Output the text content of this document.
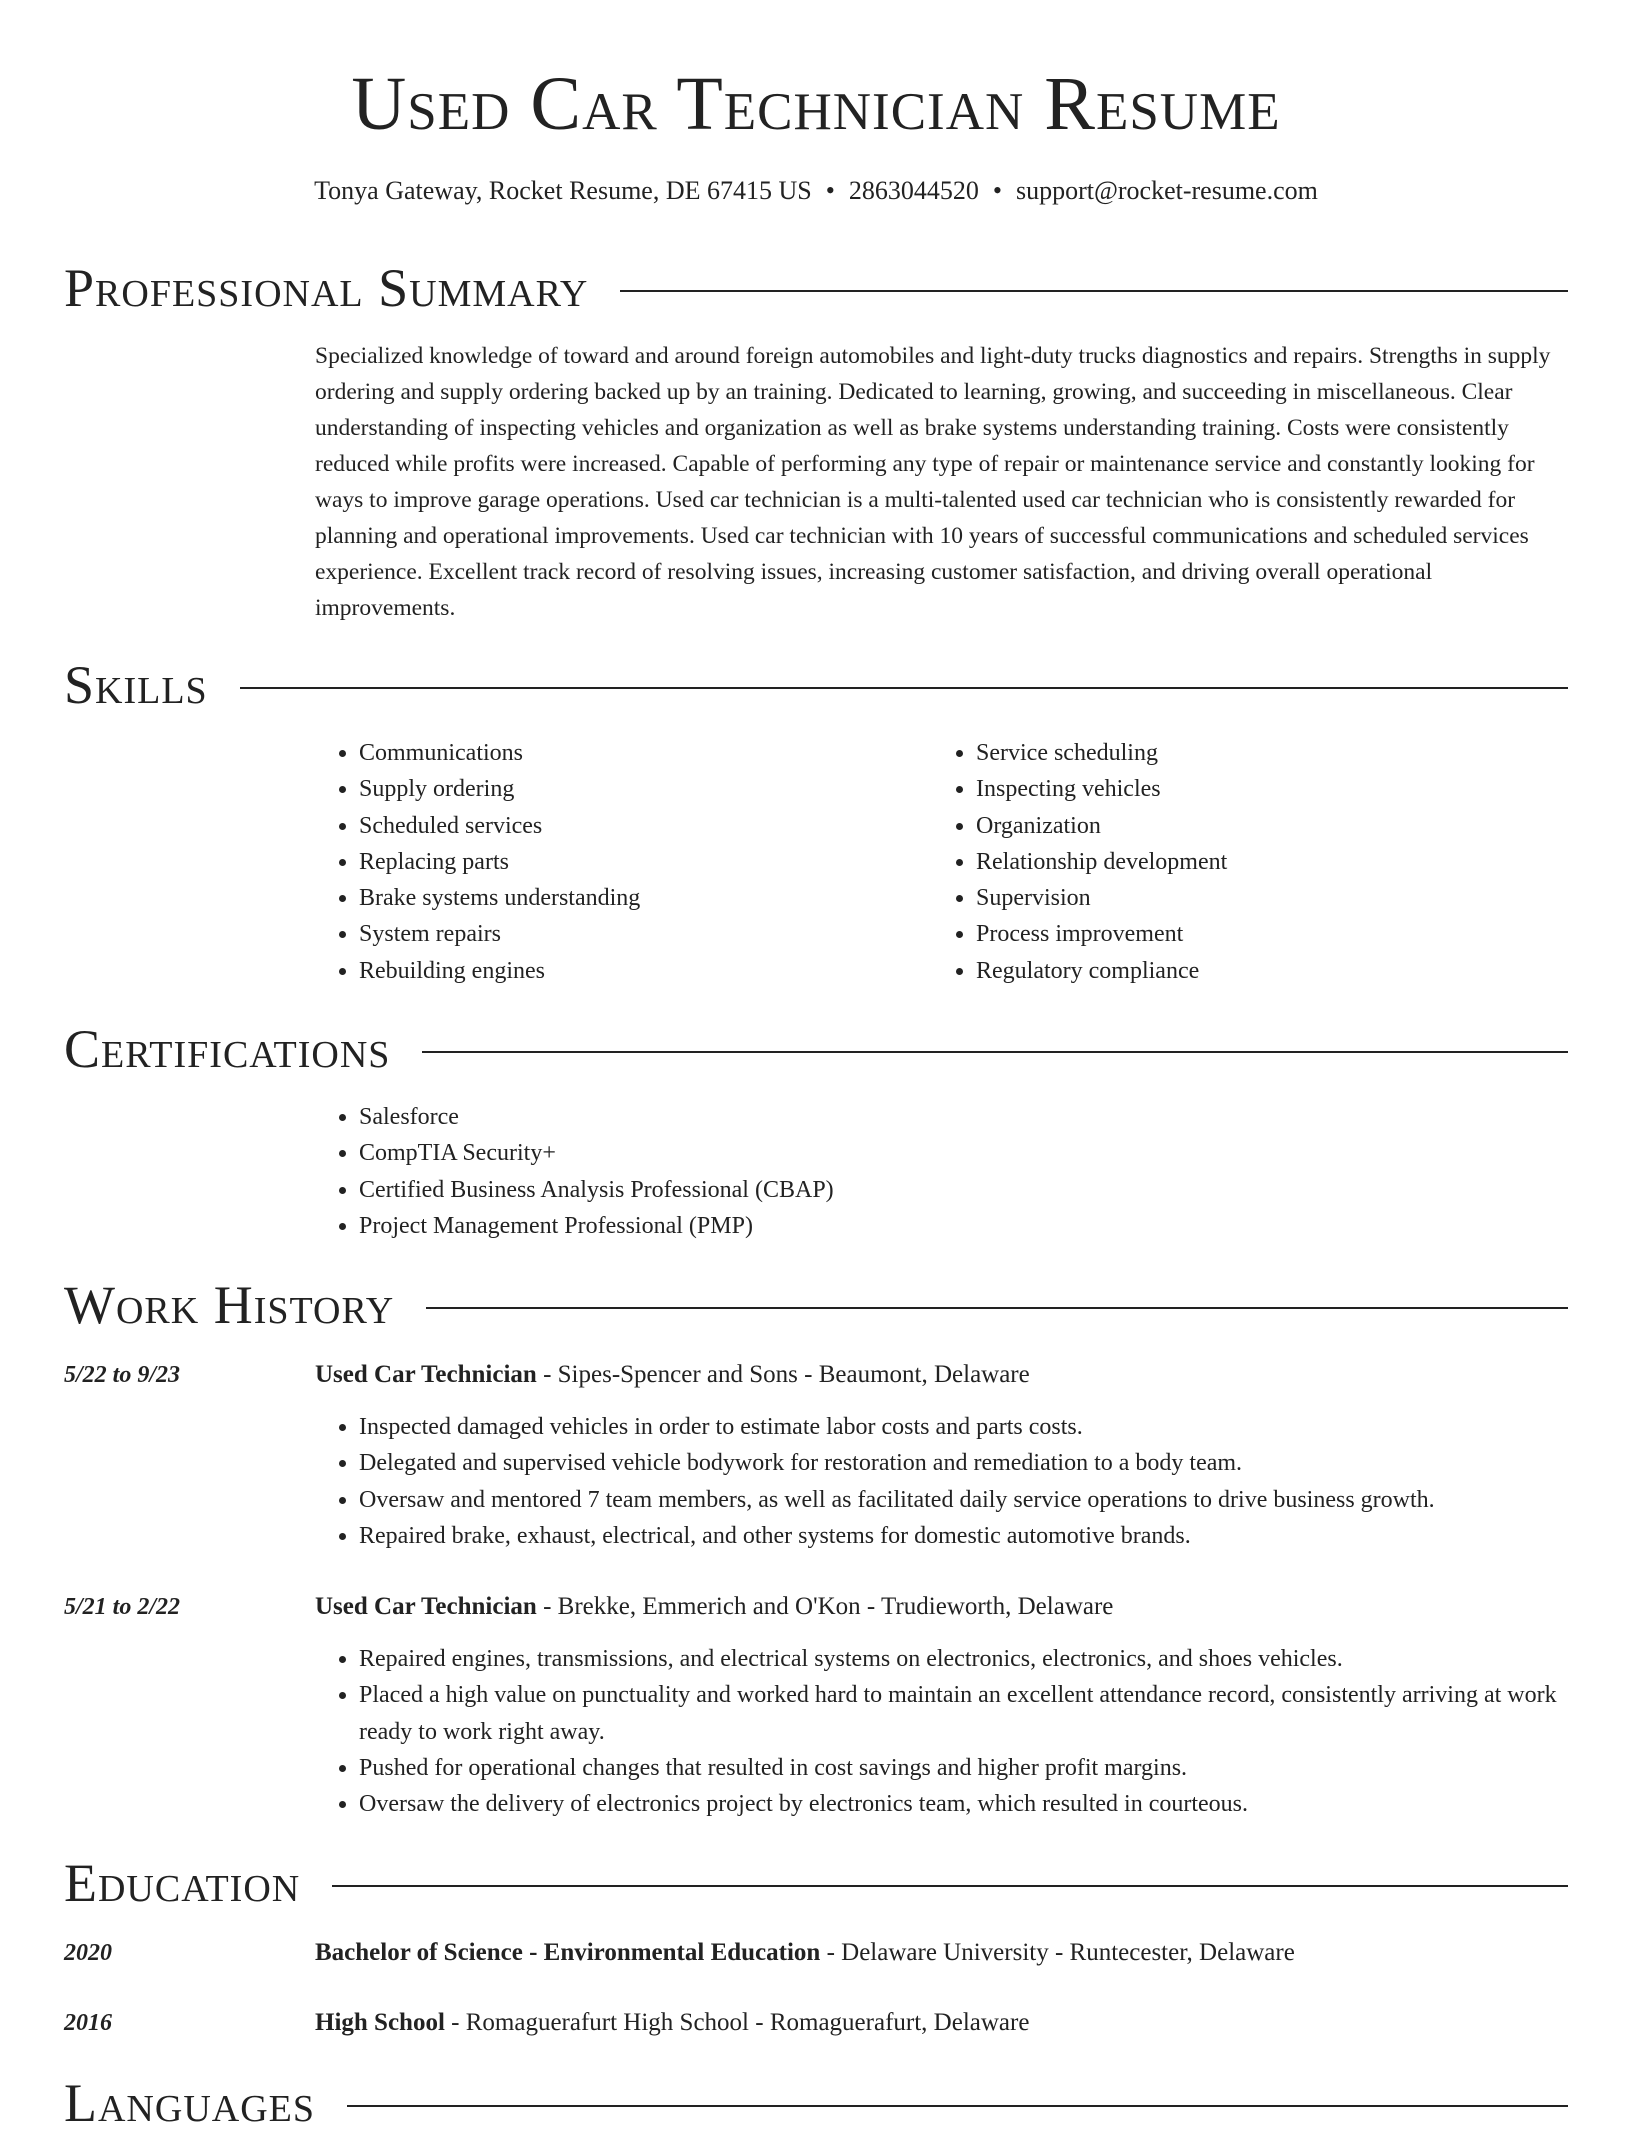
Used Car Technician Resume
Tonya Gateway, Rocket Resume, DE 67415 US • 2863044520 • support@rocket-resume.com
Professional Summary

Specialized knowledge of toward and around foreign automobiles and light-duty trucks diagnostics and repairs. Strengths in supply ordering and supply ordering backed up by an training. Dedicated to learning, growing, and succeeding in miscellaneous. Clear understanding of inspecting vehicles and organization as well as brake systems understanding training. Costs were consistently reduced while profits were increased. Capable of performing any type of repair or maintenance service and constantly looking for ways to improve garage operations. Used car technician is a multi-talented used car technician who is consistently rewarded for planning and operational improvements. Used car technician with 10 years of successful communications and scheduled services experience. Excellent track record of resolving issues, increasing customer satisfaction, and driving overall operational improvements.

Skills
• Communications
• Supply ordering
• Scheduled services
• Replacing parts
• Brake systems understanding
• System repairs
• Rebuilding engines
• Service scheduling
• Inspecting vehicles
• Organization
• Relationship development
• Supervision
• Process improvement
• Regulatory compliance
Certifications
• Salesforce
• CompTIA Security+
• Certified Business Analysis Professional (CBAP)
• Project Management Professional (PMP)
Work History
5/22 to 9/23	Used Car Technician - Sipes-Spencer and Sons - Beaumont, Delaware
• Inspected damaged vehicles in order to estimate labor costs and parts costs.
• Delegated and supervised vehicle bodywork for restoration and remediation to a body team.
• Oversaw and mentored 7 team members, as well as facilitated daily service operations to drive business growth.
• Repaired brake, exhaust, electrical, and other systems for domestic automotive brands.
5/21 to 2/22	Used Car Technician - Brekke, Emmerich and O'Kon - Trudieworth, Delaware
• Repaired engines, transmissions, and electrical systems on electronics, electronics, and shoes vehicles.
• Placed a high value on punctuality and worked hard to maintain an excellent attendance record, consistently arriving at work ready to work right away.
• Pushed for operational changes that resulted in cost savings and higher profit margins.
• Oversaw the delivery of electronics project by electronics team, which resulted in courteous.
Education
2020	Bachelor of Science - Environmental Education - Delaware University - Runtecester, Delaware
2016	High School - Romaguerafurt High School - Romaguerafurt, Delaware
Languages
